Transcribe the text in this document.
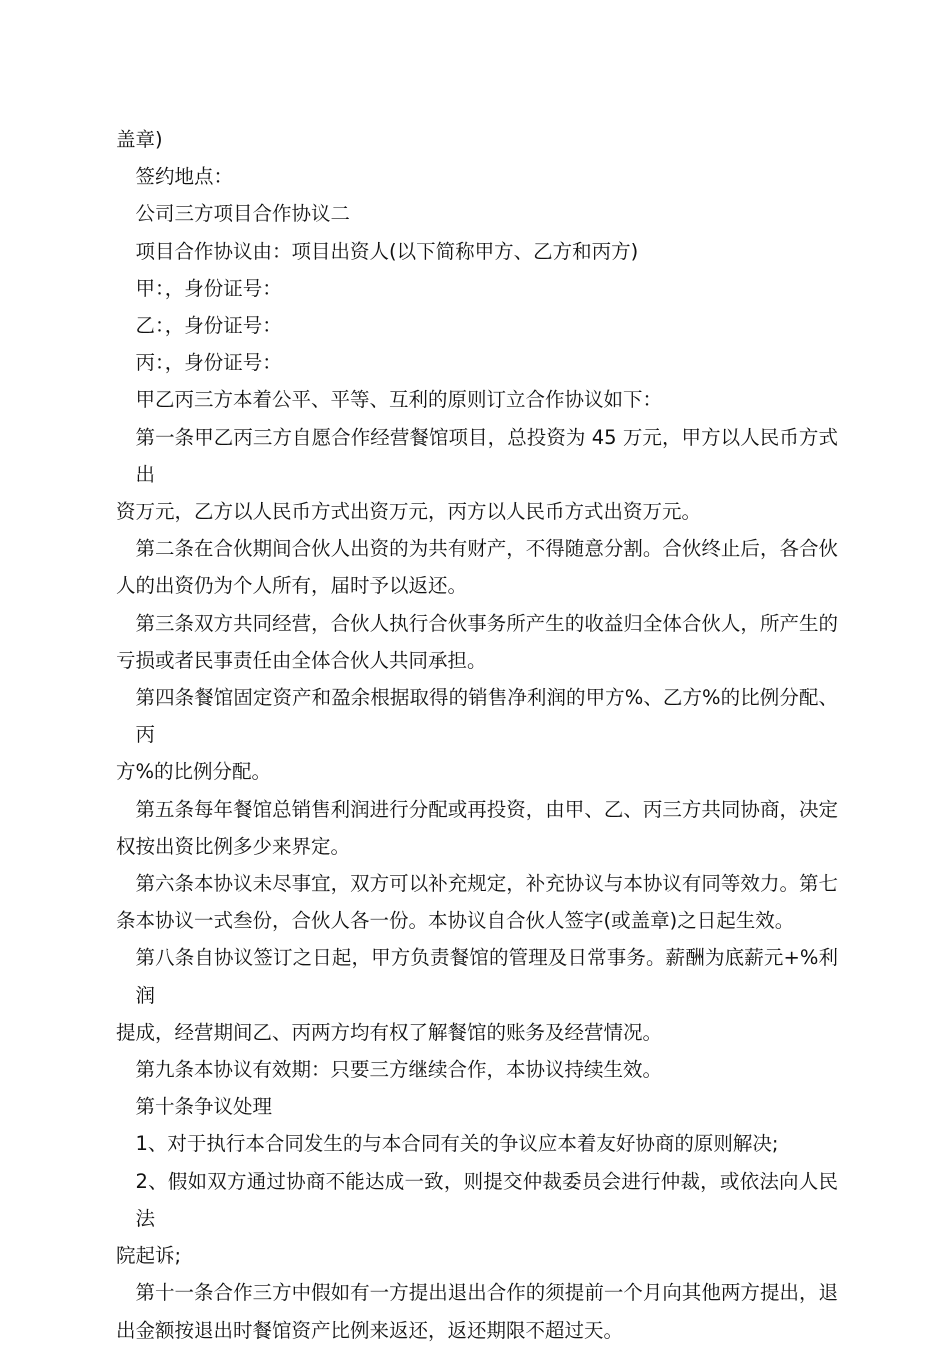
盖章)

签约地点：

公司三方项目合作协议二

项目合作协议由：项目出资人(以下简称甲方、乙方和丙方)

甲：，身份证号：

乙：，身份证号：

丙：，身份证号：

甲乙丙三方本着公平、平等、互利的原则订立合作协议如下：

第一条甲乙丙三方自愿合作经营餐馆项目，总投资为 45 万元，甲方以人民币方式出

资万元，乙方以人民币方式出资万元，丙方以人民币方式出资万元。

第二条在合伙期间合伙人出资的为共有财产，不得随意分割。合伙终止后，各合伙

人的出资仍为个人所有，届时予以返还。

第三条双方共同经营，合伙人执行合伙事务所产生的收益归全体合伙人，所产生的

亏损或者民事责任由全体合伙人共同承担。

第四条餐馆固定资产和盈余根据取得的销售净利润的甲方%、乙方%的比例分配、丙

方%的比例分配。

第五条每年餐馆总销售利润进行分配或再投资，由甲、乙、丙三方共同协商，决定

权按出资比例多少来界定。

第六条本协议未尽事宜，双方可以补充规定，补充协议与本协议有同等效力。第七

条本协议一式叁份，合伙人各一份。本协议自合伙人签字(或盖章)之日起生效。

第八条自协议签订之日起，甲方负责餐馆的管理及日常事务。薪酬为底薪元+%利润

提成，经营期间乙、丙两方均有权了解餐馆的账务及经营情况。

第九条本协议有效期：只要三方继续合作，本协议持续生效。

第十条争议处理

1、对于执行本合同发生的与本合同有关的争议应本着友好协商的原则解决;

2、假如双方通过协商不能达成一致，则提交仲裁委员会进行仲裁，或依法向人民法

院起诉;

第十一条合作三方中假如有一方提出退出合作的须提前一个月向其他两方提出，退

出金额按退出时餐馆资产比例来返还，返还期限不超过天。
